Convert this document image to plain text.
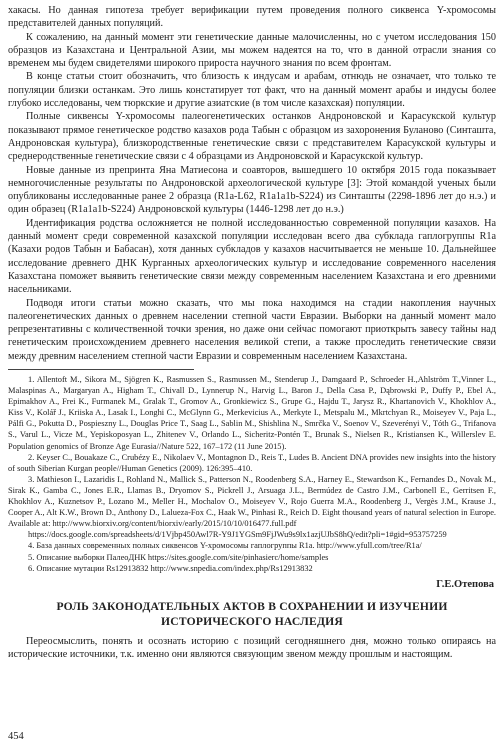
хакасы. Но данная гипотеза требует верификации путем проведения полного сиквенса Y-хромосомы представителей данных популяций.

К сожалению, на данный момент эти генетические данные малочисленны, но с учетом исследования 150 образцов из Казахстана и Центральной Азии, мы можем надеятся на то, что в данной отрасли знания со временем мы будем свидетелями широкого прироста научного знания по всем фронтам.

В конце статьи стоит обозначить, что близость к индусам и арабам, отнюдь не означает, что только те популяции близки останкам. Это лишь констатирует тот факт, что на данный момент арабы и индусы более глубоко исследованы, чем тюркские и другие азиатские (в том числе казахская) популяции.

Полные сиквенсы Y-хромосомы палеогенетических останков Андроновской и Карасукской культур показывают прямое генетическое родство казахов рода Табын с образцом из захоронения Буланово (Синташта, Андроновская культура), близкородственные генетические связи с представителем Карасукской культуры и среднеродственные генетические связи с 4 образцами из Андроновской и Карасукской культур.

Новые данные из препринта Яна Матиесона и соавторов, вышедшего 10 октября 2015 года показывает немногочисленные результаты по Андроновской археологической культуре [3]: Этой командой ученых были опубликованы исследованные ранее 2 образца (R1a-L62, R1a1a1b-S224) из Синташты (2298-1896 лет до н.э.) и один образец (R1a1a1b-S224) Андроновской культуры (1446-1298 лет до н.э.)

Идентификация родства осложняется не полной исследованностью современной популяции казахов. На данный момент среди современной казахской популяции исследован всего два субклада гаплогруппы R1a (Казахи родов Табын и Бабасан), хотя данных субкладов у казахов насчитывается не меньше 10. Дальнейшее исследование древнего ДНК Курганных археологических культур и исследование современного населения Казахстана поможет выявить генетические связи между современным населением Казахстана и его древними насельниками.

Подводя итоги статьи можно сказать, что мы пока находимся на стадии накопления научных палеогенетических данных о древнем населении степной части Евразии. Выборки на данный момент мало репрезентативны с количественной точки зрения, но даже они сейчас помогают приоткрыть завесу тайны над генетическим происхождением древнего населения великой степи, а также проследить генетические связи между древним населением степной части Евразии и современным населением Казахстана.

1. Allentoft M., Sikora M., Sjögren K., Rasmussen S., Rasmussen M., Stenderup J., Damgaard P., Schroeder H.,Ahlström T.,Vinner L., Malaspinas A., Margaryan A., Higham T., Chivall D., Lynnerup N., Harvig L., Baron J., Della Casa P., Dąbrowski P., Duffy P., Ebel A., Epimakhov A., Frei K., Furmanek M., Gralak T., Gromov A., Gronkiewicz S., Grupe G., Hajdu T., Jarysz R., Khartanovich V., Khokhlov A., Kiss V., Kolář J., Kriiska A., Lasak I., Longhi C., McGlynn G., Merkevicius A., Merkyte I., Metspalu M., Mkrtchyan R., Moiseyev V., Paja L., Pálfi G., Pokutta D., Pospieszny L., Douglas Price T., Saag L., Sablin M., Shishlina N., Smrčka V., Soenov V., Szeverényi V., Tóth G., Trifanova S., Varul L., Vicze M., Yepiskoposyan L., Zhitenev V., Orlando L., Sicheritz-Pontén T., Brunak S., Nielsen R., Kristiansen K., Willerslev E. Population genomics of Bronze Age Eurasia//Nature 522, 167–172 (11 June 2015).
2. Keyser C., Bouakaze C., Crubézy E., Nikolaev V., Montagnon D., Reis T., Ludes B. Ancient DNA provides new insights into the history of south Siberian Kurgan people//Human Genetics (2009). 126:395–410.
3. Mathieson I., Lazaridis I., Rohland N., Mallick S., Patterson N., Roodenberg S.A., Harney E., Stewardson K., Fernandes D., Novak M., Sirak K., Gamba C., Jones E.R., Llamas B., Dryomov S., Pickrell J., Arsuaga J.L., Bermúdez de Castro J.M., Carbonell E., Gerritsen F., Khokhlov A., Kuznetsov P., Lozano M., Meller H., Mochalov O., Moiseyev V., Rojo Guerra M.A., Roodenberg J., Vergès J.M., Krause J., Cooper A., Alt K.W., Brown D., Anthony D., Lalueza-Fox C., Haak W., Pinhasi R., Reich D. Eight thousand years of natural selection in Europe. Available at: http://www.biorxiv.org/content/biorxiv/early/2015/10/10/016477.full.pdf
https://docs.google.com/spreadsheets/d/1Vjbp450Awl7R-Y9J1YGSm9FjJWu9s9lx1azjUJbS8hQ/edit?pli=1#gid=953757259
4. База данных современных полных сиквенсов Y-хромосомы гаплогруппы R1a. http://www.yfull.com/tree/R1a/
5. Описание выборки ПалеоДНК https://sites.google.com/site/pinhasierc/home/samples
6. Описание мутации Rs12913832 http://www.snpedia.com/index.php/Rs12913832
Г.Е.Отепова
РОЛЬ ЗАКОНОДАТЕЛЬНЫХ АКТОВ В СОХРАНЕНИИ И ИЗУЧЕНИИ
ИСТОРИЧЕСКОГО НАСЛЕДИЯ

Переосмыслить, понять и осознать историю с позиций сегодняшнего дня, можно только опираясь на исторические источники, т.к. именно они являются связующим звеном между прошлым и настоящим.

454
